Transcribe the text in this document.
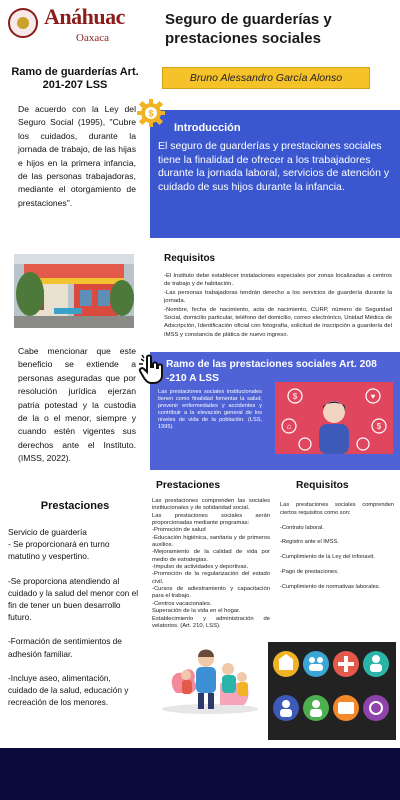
Anáhuac
Oaxaca
Ramo de guarderías Art. 201-207 LSS
De acuerdo con la Ley del Seguro Social (1995), "Cubre los cuidados, durante la jornada de trabajo, de las hijas e hijos en la primera infancia, de las personas trabajadoras, mediante el otorgamiento de prestaciones".
Cabe mencionar que este beneficio se extiende a personas aseguradas que por resolución jurídica ejerzan patria potestad y la custodia de la o el menor, siempre y cuando estén vigentes sus derechos ante el Instituto. (IMSS, 2022).
Prestaciones

Servicio de guardería
- Se proporcionará en turno matutino y vespertino.

-Se proporciona atendiendo al cuidado y la salud del menor con el fin de tener un buen desarrollo futuro.

-Formación de sentimientos de adhesión familiar.

-Incluye aseo, alimentación, cuidado de la salud, educación y recreación de los menores.

Seguro de guarderías y prestaciones sociales
Bruno Alessandro García Alonso
$
Introducción
El seguro de guarderías y prestaciones sociales tiene la finalidad de ofrecer a los trabajadores durante la jornada laboral, servicios de atención y cuidado de sus hijos durante la infancia.
Requisitos
-El Instituto debe establecer instalaciones especiales por zonas localizadas a centros de trabajo y de habitación.
-Las personas trabajadoras tendrán derecho a los servicios de guardería durante la jornada.
-Nombre, fecha de nacimiento, acta de nacimiento, CURP, número de Seguridad Social, domicilio particular, teléfono del domicilio, correo electrónico, Unidad Médica de Adscripción, Identificación oficial con fotografía, solicitud de inscripción a guardería del IMSS y constancia de plática de nuevo ingreso.
Ramo de las prestaciones sociales Art. 208 -210 A LSS
Las prestaciones sociales institucionales tienen como finalidad fomentar la salud, prevenir enfermedades y accidentes y contribuir a la elevación general de los niveles de vida de la población. (LSS, 1995).
$	♥
⌂	$
Prestaciones
Las prestaciones comprenden las sociales institucionales y de solidaridad social.
Las prestaciones sociales serán proporcionadas mediante programas:
-Promoción de salud
-Educación higiénica, sanitaria y de primeros auxilios.
-Mejoramiento de la calidad de vida por medio de estrategias.
-Impulso de actividades y deportivas.
-Promoción de la regularización del estado civil.
-Cursos de adiestramiento y capacitación para el trabajo.
-Centros vacacionales.
Superación de la vida en el hogar.
Establecimiento y administración de velatorios. (Art. 210, LSS).
Requisitos

Las prestaciones sociales comprenden ciertos requisitos como son:

-Contrato laboral.

-Registro ante el IMSS.

-Cumplimiento de la Ley del infonavit.

-Pago de prestaciones.

-Cumplimiento de normativas laborales.
